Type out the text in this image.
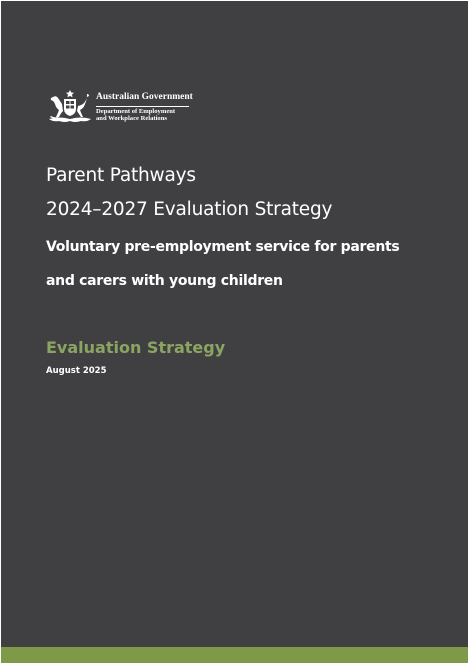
Australian Government
Department of Employment
and Workplace Relations
Parent Pathways
2024–2027 Evaluation Strategy
Voluntary pre-employment service for parents
and carers with young children

Evaluation Strategy

August 2025
